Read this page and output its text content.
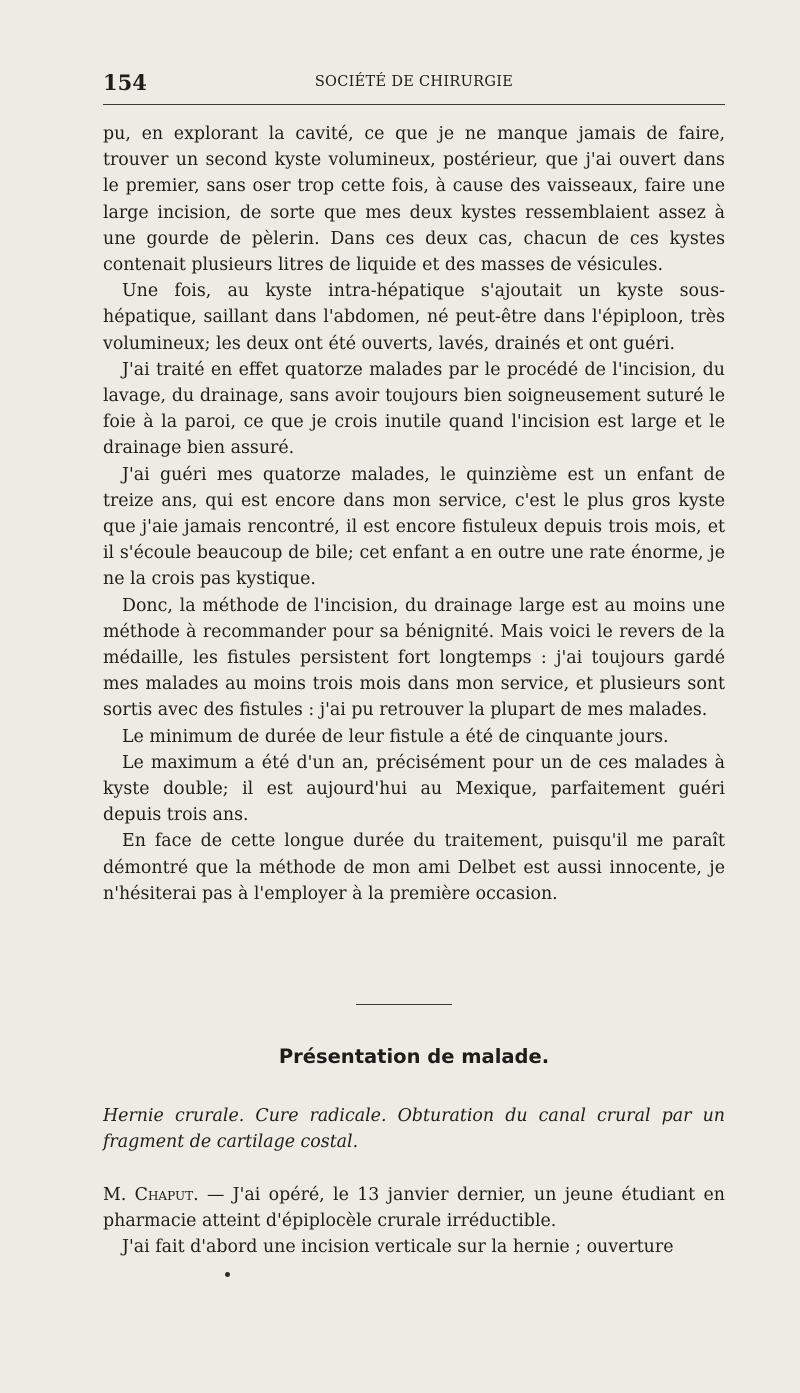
154	SOCIÉTÉ DE CHIRURGIE

pu, en explorant la cavité, ce que je ne manque jamais de faire, trouver un second kyste volumineux, postérieur, que j'ai ouvert dans le premier, sans oser trop cette fois, à cause des vaisseaux, faire une large incision, de sorte que mes deux kystes ressemblaient assez à une gourde de pèlerin. Dans ces deux cas, chacun de ces kystes contenait plusieurs litres de liquide et des masses de vésicules.

Une fois, au kyste intra-hépatique s'ajoutait un kyste sous-hépatique, saillant dans l'abdomen, né peut-être dans l'épiploon, très volumineux; les deux ont été ouverts, lavés, drainés et ont guéri.

J'ai traité en effet quatorze malades par le procédé de l'incision, du lavage, du drainage, sans avoir toujours bien soigneusement suturé le foie à la paroi, ce que je crois inutile quand l'incision est large et le drainage bien assuré.

J'ai guéri mes quatorze malades, le quinzième est un enfant de treize ans, qui est encore dans mon service, c'est le plus gros kyste que j'aie jamais rencontré, il est encore fistuleux depuis trois mois, et il s'écoule beaucoup de bile; cet enfant a en outre une rate énorme, je ne la crois pas kystique.

Donc, la méthode de l'incision, du drainage large est au moins une méthode à recommander pour sa bénignité. Mais voici le revers de la médaille, les fistules persistent fort longtemps : j'ai toujours gardé mes malades au moins trois mois dans mon service, et plusieurs sont sortis avec des fistules : j'ai pu retrouver la plupart de mes malades.

Le minimum de durée de leur fistule a été de cinquante jours.

Le maximum a été d'un an, précisément pour un de ces malades à kyste double; il est aujourd'hui au Mexique, parfaitement guéri depuis trois ans.

En face de cette longue durée du traitement, puisqu'il me paraît démontré que la méthode de mon ami Delbet est aussi innocente, je n'hésiterai pas à l'employer à la première occasion.

Présentation de malade.
Hernie crurale. Cure radicale. Obturation du canal crural par un fragment de cartilage costal.

M. Chaput. — J'ai opéré, le 13 janvier dernier, un jeune étudiant en pharmacie atteint d'épiplocèle crurale irréductible.

J'ai fait d'abord une incision verticale sur la hernie ; ouverture
